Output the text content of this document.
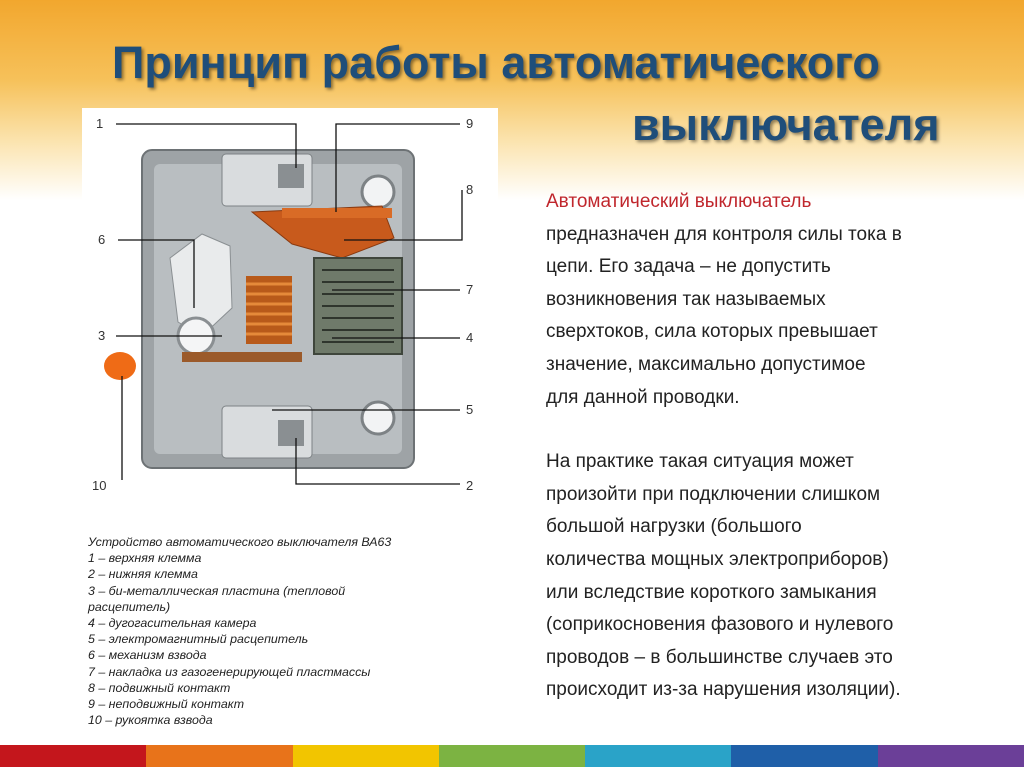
Принцип работы автоматического
выключателя
1	9
8
6
7
3	4
5
10	2
Устройство автоматического выключателя ВА63
1 – верхняя клемма
2 – нижняя клемма
3 – би-металлическая пластина (тепловой
расцепитель)
4 – дугогасительная камера
5 – электромагнитный расцепитель
6 – механизм взвода
7 – накладка из газогенерирующей пластмассы
8 – подвижный контакт
9 – неподвижный контакт
10 – рукоятка взвода
Автоматический выключатель
предназначен для контроля силы тока в
цепи. Его задача – не допустить
возникновения так называемых
сверхтоков, сила которых превышает
значение, максимально допустимое
для данной проводки.
На практике такая ситуация может
произойти при подключении слишком
большой нагрузки (большого
количества мощных электроприборов)
или вследствие короткого замыкания
(соприкосновения фазового и нулевого
проводов – в большинстве случаев это
происходит из-за нарушения изоляции).
